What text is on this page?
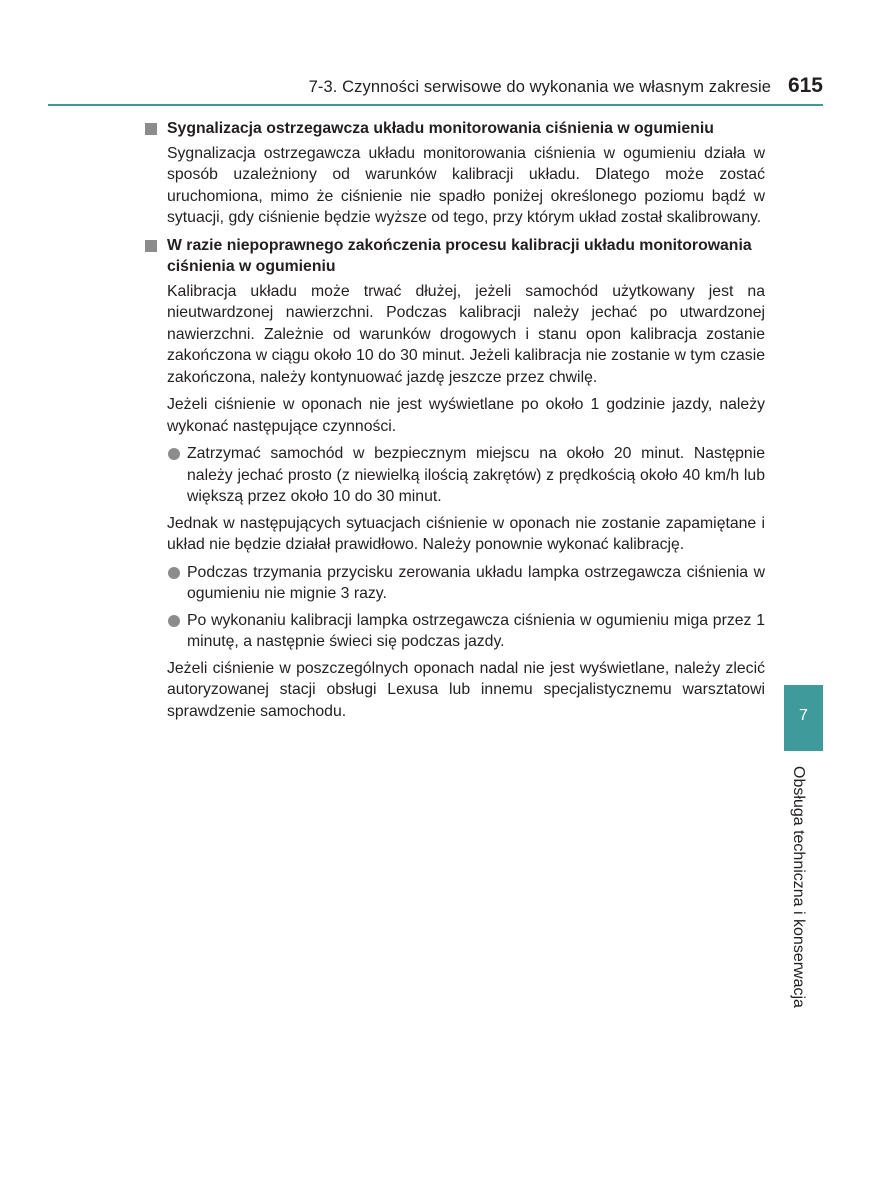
7-3. Czynności serwisowe do wykonania we własnym zakresie 615
Sygnalizacja ostrzegawcza układu monitorowania ciśnienia w ogumieniu

Sygnalizacja ostrzegawcza układu monitorowania ciśnienia w ogumieniu działa w sposób uzależniony od warunków kalibracji układu. Dlatego może zostać uruchomiona, mimo że ciśnienie nie spadło poniżej określonego poziomu bądź w sytuacji, gdy ciśnienie będzie wyższe od tego, przy którym układ został skalibrowany.

W razie niepoprawnego zakończenia procesu kalibracji układu monitorowania ciśnienia w ogumieniu

Kalibracja układu może trwać dłużej, jeżeli samochód użytkowany jest na nieutwardzonej nawierzchni. Podczas kalibracji należy jechać po utwardzonej nawierzchni. Zależnie od warunków drogowych i stanu opon kalibracja zostanie zakończona w ciągu około 10 do 30 minut. Jeżeli kalibracja nie zostanie w tym czasie zakończona, należy kontynuować jazdę jeszcze przez chwilę.

Jeżeli ciśnienie w oponach nie jest wyświetlane po około 1 godzinie jazdy, należy wykonać następujące czynności.

Zatrzymać samochód w bezpiecznym miejscu na około 20 minut. Następnie należy jechać prosto (z niewielką ilością zakrętów) z prędkością około 40 km/h lub większą przez około 10 do 30 minut.

Jednak w następujących sytuacjach ciśnienie w oponach nie zostanie zapamiętane i układ nie będzie działał prawidłowo. Należy ponownie wykonać kalibrację.

Podczas trzymania przycisku zerowania układu lampka ostrzegawcza ciśnienia w ogumieniu nie mignie 3 razy.
Po wykonaniu kalibracji lampka ostrzegawcza ciśnienia w ogumieniu miga przez 1 minutę, a następnie świeci się podczas jazdy.

Jeżeli ciśnienie w poszczególnych oponach nadal nie jest wyświetlane, należy zlecić autoryzowanej stacji obsługi Lexusa lub innemu specjalistycznemu warsztatowi sprawdzenie samochodu.	7
Obsługa techniczna i konserwacja
